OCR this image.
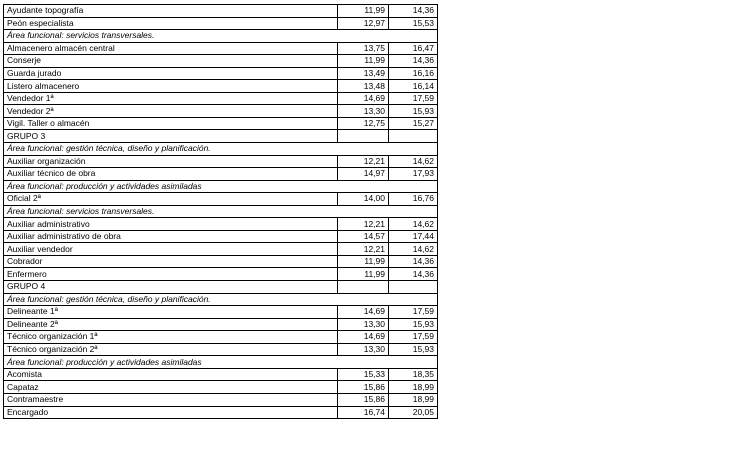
Ayudante topografía	11,99	14,36
Peón especialista	12,97	15,53
Área funcional: servicios transversales.		
Almacenero almacén central	13,75	16,47
Conserje	11,99	14,36
Guarda jurado	13,49	16,16
Listero almacenero	13,48	16,14
Vendedor 1ª	14,69	17,59
Vendedor 2ª	13,30	15,93
Vigil. Taller o almacén	12,75	15,27
GRUPO 3		
Área funcional: gestión técnica, diseño y planificación.		
Auxiliar organización	12,21	14,62
Auxiliar técnico de obra	14,97	17,93
Área funcional: producción y actividades asimiladas		
Oficial 2ª	14,00	16,76
Área funcional: servicios transversales.		
Auxiliar administrativo	12,21	14,62
Auxiliar administrativo de obra	14,57	17,44
Auxiliar vendedor	12,21	14,62
Cobrador	11,99	14,36
Enfermero	11,99	14,36
GRUPO 4		
Área funcional: gestión técnica, diseño y planificación.		
Delineante 1ª	14,69	17,59
Delineante 2ª	13,30	15,93
Técnico organización 1ª	14,69	17,59
Técnico organización 2ª	13,30	15,93
Área funcional: producción y actividades asimiladas		
Acomista	15,33	18,35
Capataz	15,86	18,99
Contramaestre	15,86	18,99
Encargado	16,74	20,05
